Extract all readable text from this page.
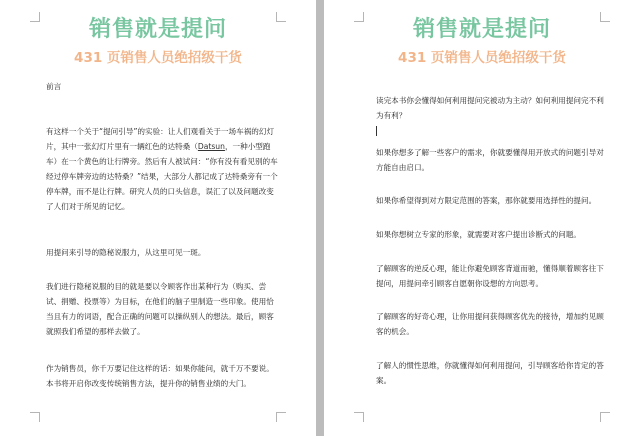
销售就是提问
431 页销售人员绝招级干货
前言

有这样一个关于“提问引导”的实验：让人们观看关于一场车祸的幻灯片，其中一张幻灯片里有一辆红色的达特桑（Datsun，一种小型跑车）在一个黄色的让行牌旁。然后有人被试问：“你有没有看见别的车经过停车牌旁边的达特桑？”结果，大部分人都记成了达特桑旁有一个停车牌，而不是让行牌。研究人员的口头信息，误汇了以及问题改变了人们对于所见的记忆。

用提问来引导的隐秘说服力，从这里可见一斑。

我们进行隐秘说服的目的就是要以令顾客作出某种行为（购买、尝试、捐赠、投票等）为目标，在他们的脑子里制造一些印象。使用恰当且有力的词语，配合正确的问题可以操纵别人的想法。最后，顾客就照我们希望的那样去做了。

作为销售员，你千万要记住这样的话：如果你能问，就千万不要说。本书将开启你改变传统销售方法，提升你的销售业绩的大门。

销售就是提问
431 页销售人员绝招级干货

读完本书你会懂得如何利用提问完被动为主动？如何利用提问完不利为有利？

如果你想多了解一些客户的需求，你就要懂得用开放式的问题引导对方能自由启口。

如果你希望得到对方限定范围的答案，那你就要用选择性的提问。

如果你想树立专家的形象，就需要对客户提出诊断式的问题。

了解顾客的逆反心理，能让你避免顾客背道而驰，懂得顺着顾客往下提问，用提问牵引顾客自愿朝你设想的方向思考。

了解顾客的好奇心理，让你用提问获得顾客优先的接待，增加约见顾客的机会。

了解人的惯性思维，你就懂得如何利用提问，引导顾客给你肯定的答案。
